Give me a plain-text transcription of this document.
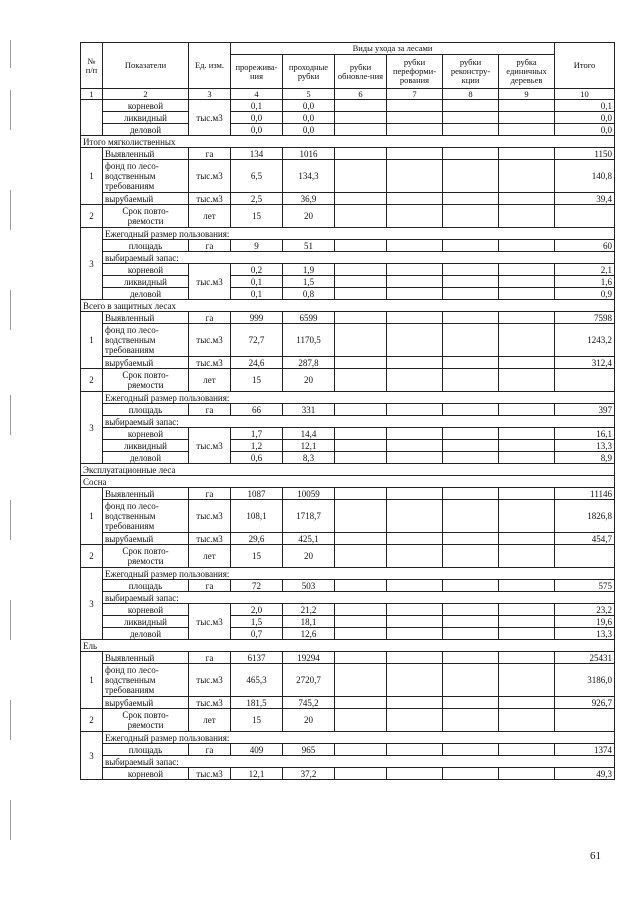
№ п/п	Показатели	Ед. изм.	Виды ухода за лесами						Итого
			прорежива-ния	проходные рубки	рубки обновле-ния	рубки переформи-рования	рубки реконстру-кции	рубка единичных деревьев	
1	2	3	4	5	6	7	8	9	10
	корневой	тыс.м3	0,1	0,0					0,1
	ликвидный		0,0	0,0					0,0
	деловой		0,0	0,0					0,0
Итого мягколиственных									
1	Выявленный	га	134	1016					1150
	фонд по лесо-водственным требованиям	тыс.м3	6,5	134,3					140,8
	вырубаемый	тыс.м3	2,5	36,9					39,4
2	Срок повто-ряемости	лет	15	20					
3	Ежегодный размер пользования:								
	площадь	га	9	51					60
	выбираемый запас:								
	корневой	тыс.м3	0,2	1,9					2,1
	ликвидный		0,1	1,5					1,6
	деловой		0,1	0,8					0,9
Всего в защитных лесах									
1	Выявленный	га	999	6599					7598
	фонд по лесо-водственным требованиям	тыс.м3	72,7	1170,5					1243,2
	вырубаемый	тыс.м3	24,6	287,8					312,4
2	Срок повто-ряемости	лет	15	20					
3	Ежегодный размер пользования:								
	площадь	га	66	331					397
	выбираемый запас:								
	корневой	тыс.м3	1,7	14,4					16,1
	ликвидный		1,2	12,1					13,3
	деловой		0,6	8,3					8,9
Эксплуатационные леса									
Сосна									
1	Выявленный	га	1087	10059					11146
	фонд по лесо-водственным требованиям	тыс.м3	108,1	1718,7					1826,8
	вырубаемый	тыс.м3	29,6	425,1					454,7
2	Срок повто-ряемости	лет	15	20					
3	Ежегодный размер пользования:								
	площадь	га	72	503					575
	выбираемый запас:								
	корневой	тыс.м3	2,0	21,2					23,2
	ликвидный		1,5	18,1					19,6
	деловой		0,7	12,6					13,3
Ель									
1	Выявленный	га	6137	19294					25431
	фонд по лесо-водственным требованиям	тыс.м3	465,3	2720,7					3186,0
	вырубаемый	тыс.м3	181,5	745,2					926,7
2	Срок повто-ряемости	лет	15	20					
3	Ежегодный размер пользования:								
	площадь	га	409	965					1374
	выбираемый запас:								
	корневой	тыс.м3	12,1	37,2					49,3
61
